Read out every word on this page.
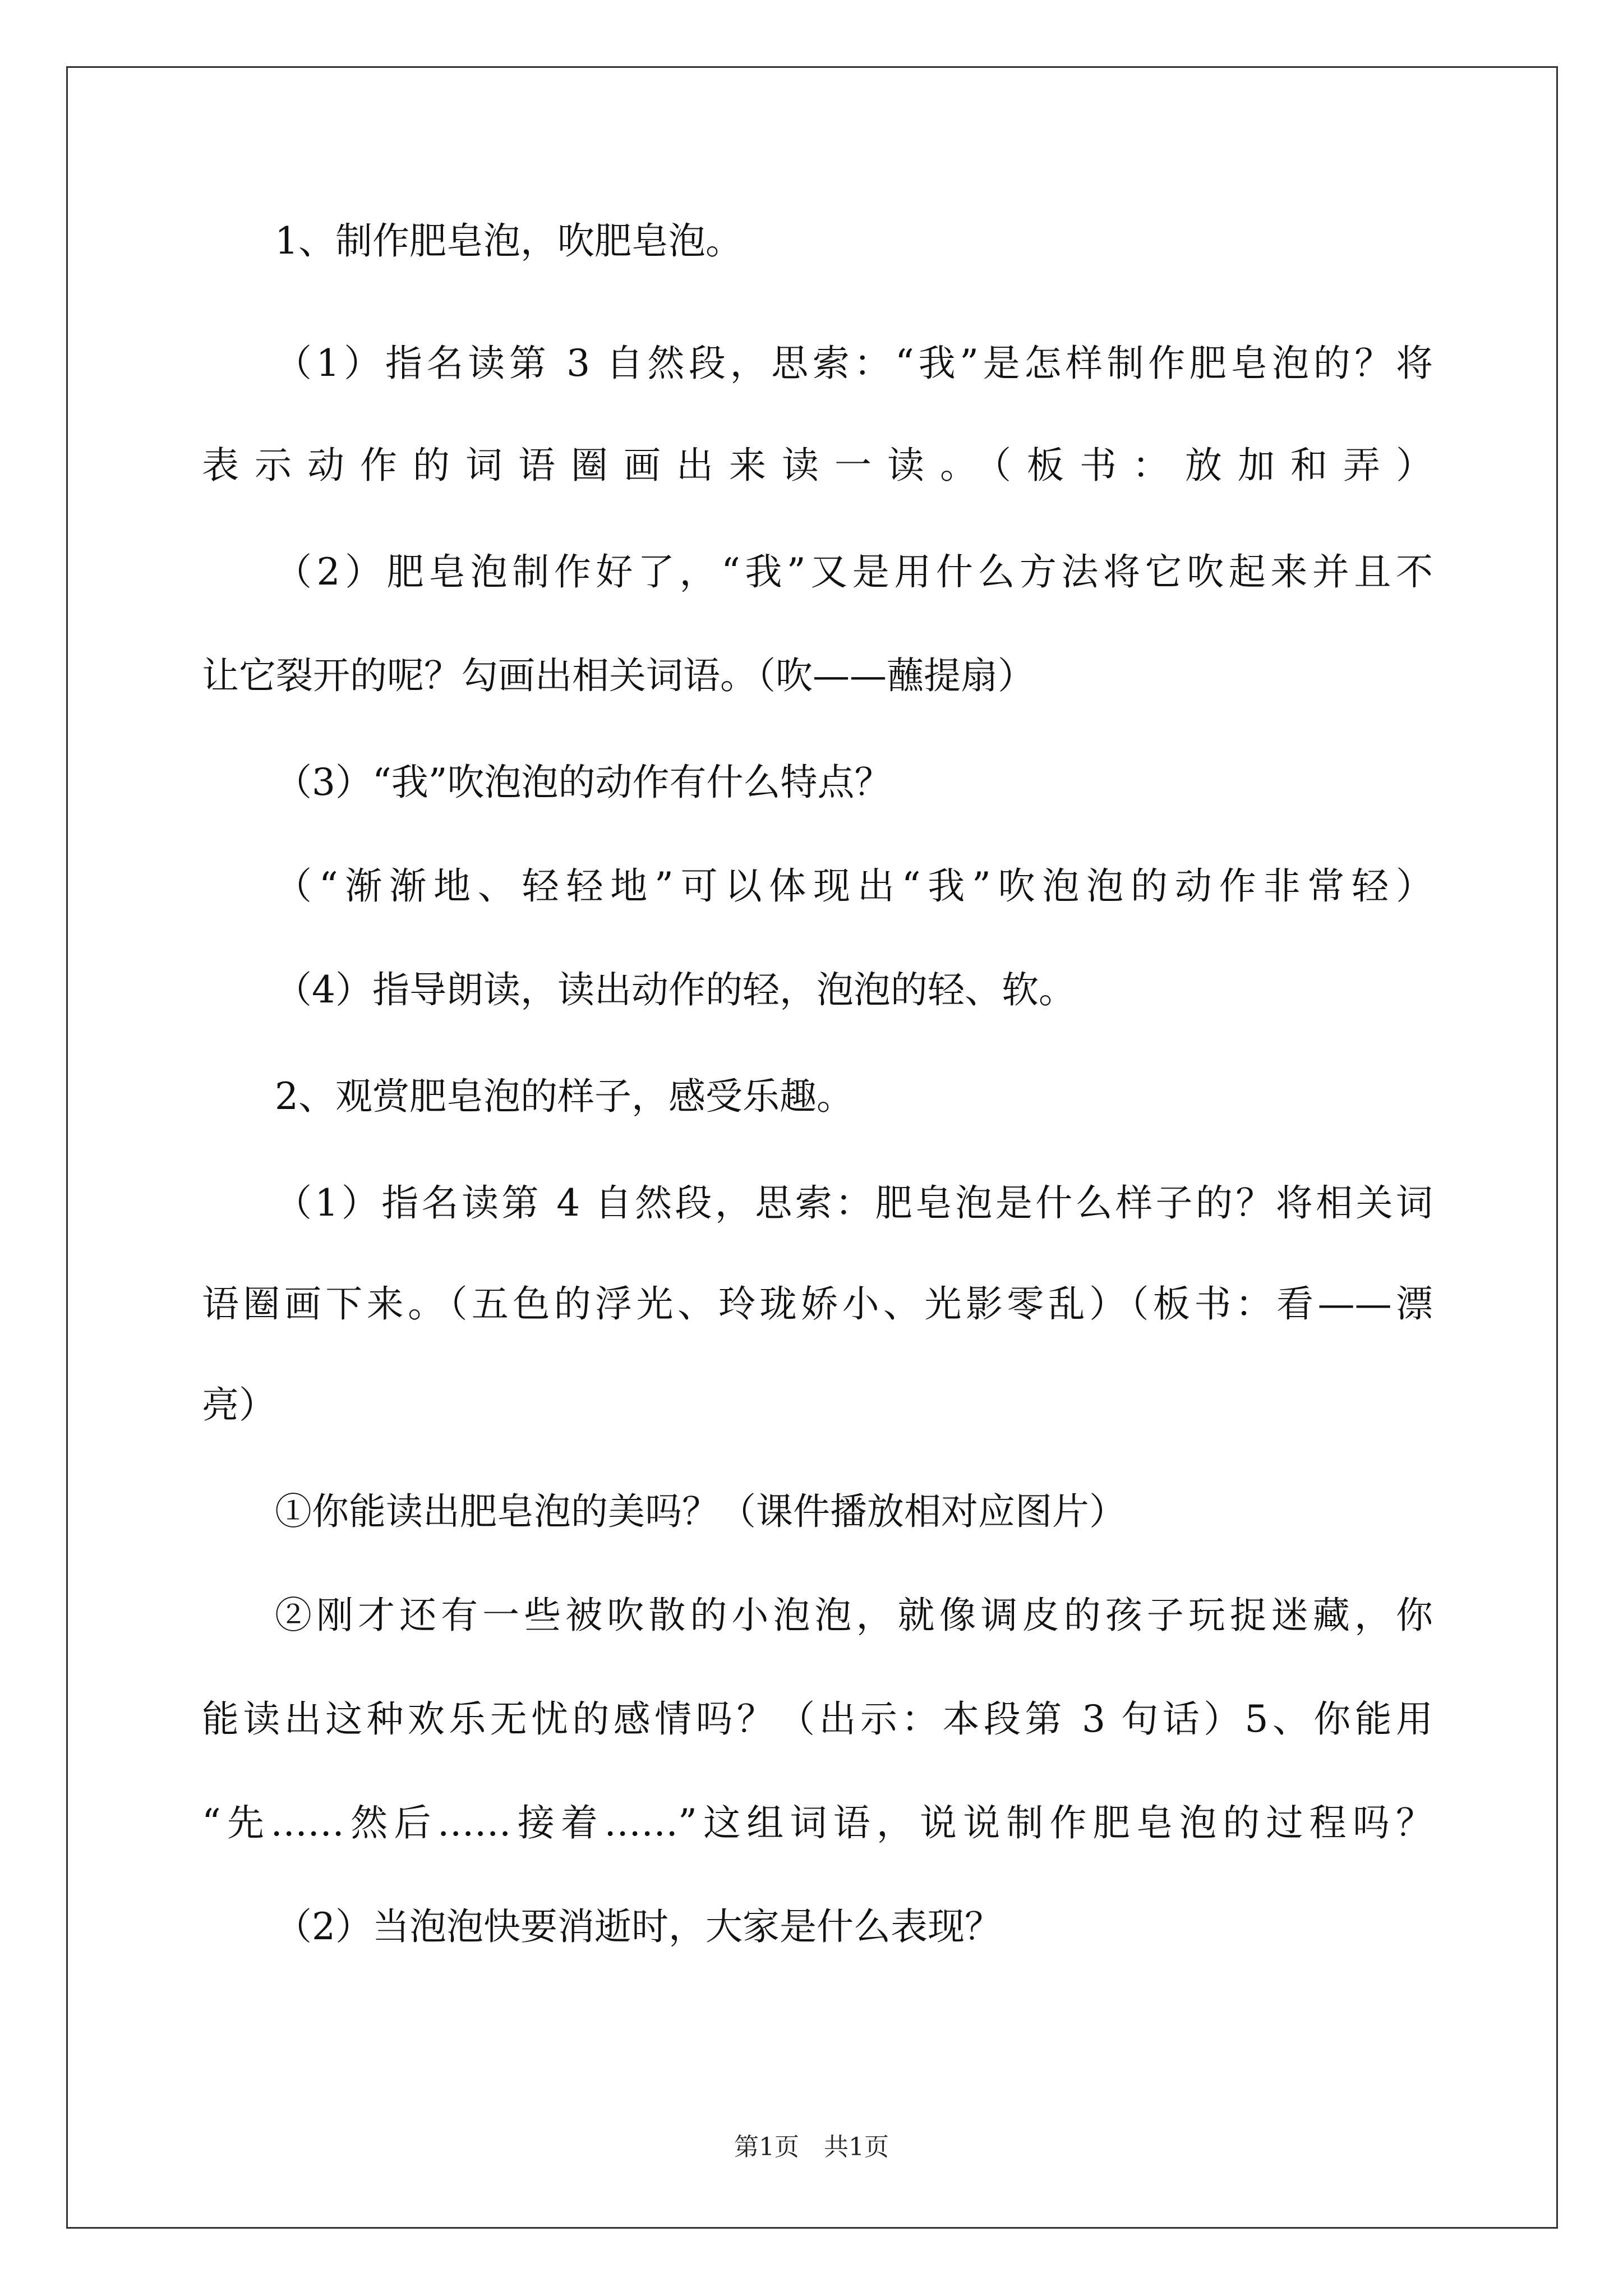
1、制作肥皂泡，吹肥皂泡。
（1）指名读第 3 自然段，思索：“我”是怎样制作肥皂泡的？将
表示动作的词语圈画出来读一读。（板书：放加和弄）
（2）肥皂泡制作好了，“我”又是用什么方法将它吹起来并且不
让它裂开的呢？勾画出相关词语。（吹——蘸提扇）
（3）“我”吹泡泡的动作有什么特点？
（“渐渐地、轻轻地”可以体现出“我”吹泡泡的动作非常轻）
（4）指导朗读，读出动作的轻，泡泡的轻、软。
2、观赏肥皂泡的样子，感受乐趣。
（1）指名读第 4 自然段，思索：肥皂泡是什么样子的？将相关词
语圈画下来。（五色的浮光、玲珑娇小、光影零乱）（板书：看——漂
亮）
①你能读出肥皂泡的美吗？（课件播放相对应图片）
②刚才还有一些被吹散的小泡泡，就像调皮的孩子玩捉迷藏，你
能读出这种欢乐无忧的感情吗？（出示：本段第 3 句话）5、你能用
“先……然后……接着……”这组词语，说说制作肥皂泡的过程吗？
（2）当泡泡快要消逝时，大家是什么表现？
第1页　共1页
